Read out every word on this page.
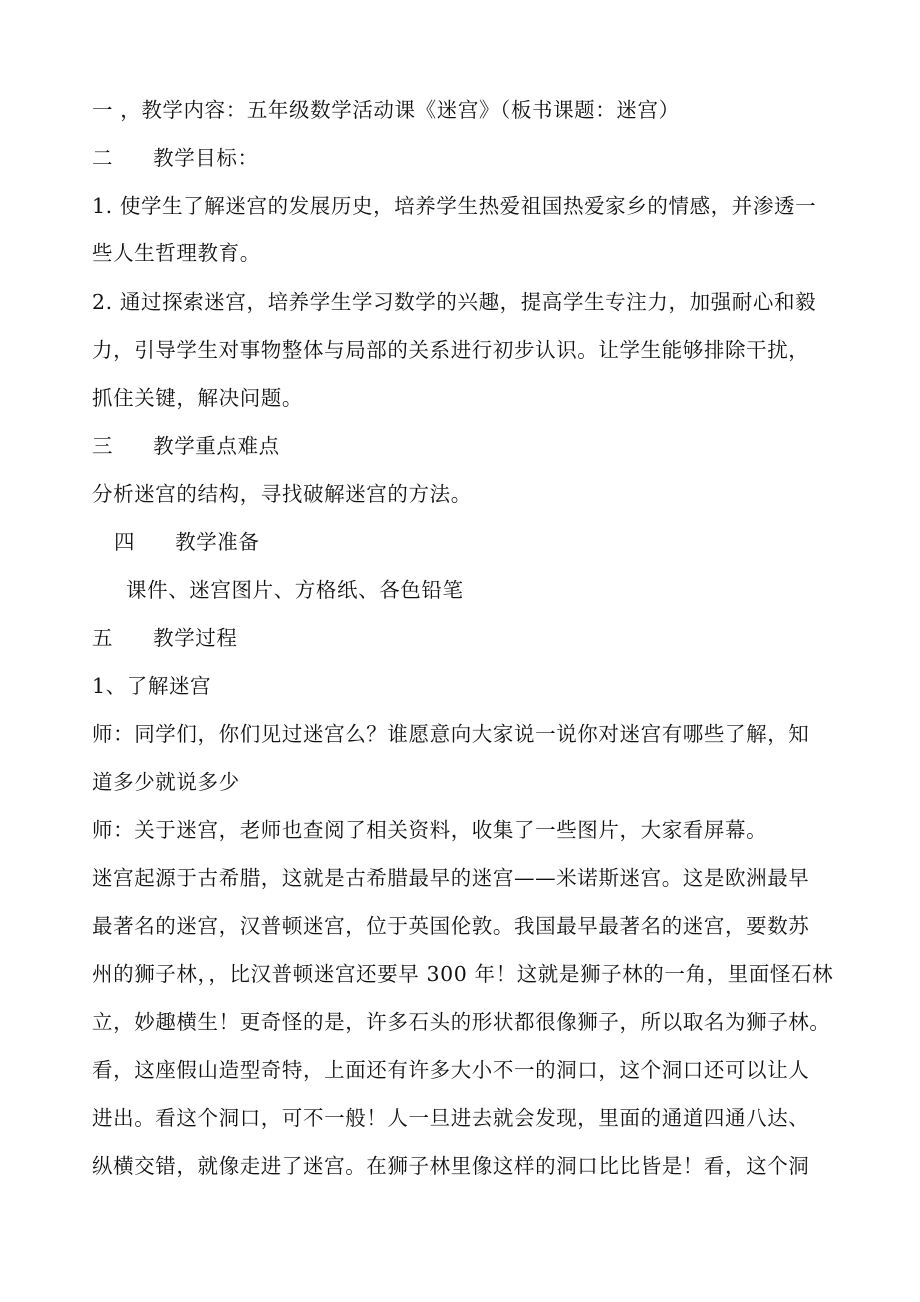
一 ，教学内容：五年级数学活动课《迷宫》（板书课题：迷宫）
二 教学目标：
1. 使学生了解迷宫的发展历史，培养学生热爱祖国热爱家乡的情感，并渗透一
些人生哲理教育。
2. 通过探索迷宫，培养学生学习数学的兴趣，提高学生专注力，加强耐心和毅
力，引导学生对事物整体与局部的关系进行初步认识。让学生能够排除干扰，
抓住关键，解决问题。
三 教学重点难点
分析迷宫的结构，寻找破解迷宫的方法。
四 教学准备
课件、迷宫图片、方格纸、各色铅笔
五 教学过程
1、了解迷宫
师：同学们，你们见过迷宫么？谁愿意向大家说一说你对迷宫有哪些了解，知
道多少就说多少
师：关于迷宫，老师也查阅了相关资料，收集了一些图片，大家看屏幕。
迷宫起源于古希腊，这就是古希腊最早的迷宫——米诺斯迷宫。这是欧洲最早
最著名的迷宫，汉普顿迷宫，位于英国伦敦。我国最早最著名的迷宫，要数苏
州的狮子林，，比汉普顿迷宫还要早 300 年！这就是狮子林的一角，里面怪石林
立，妙趣横生！更奇怪的是，许多石头的形状都很像狮子，所以取名为狮子林。
看，这座假山造型奇特，上面还有许多大小不一的洞口，这个洞口还可以让人
进出。看这个洞口，可不一般！人一旦进去就会发现，里面的通道四通八达、
纵横交错，就像走进了迷宫。在狮子林里像这样的洞口比比皆是！看，这个洞
